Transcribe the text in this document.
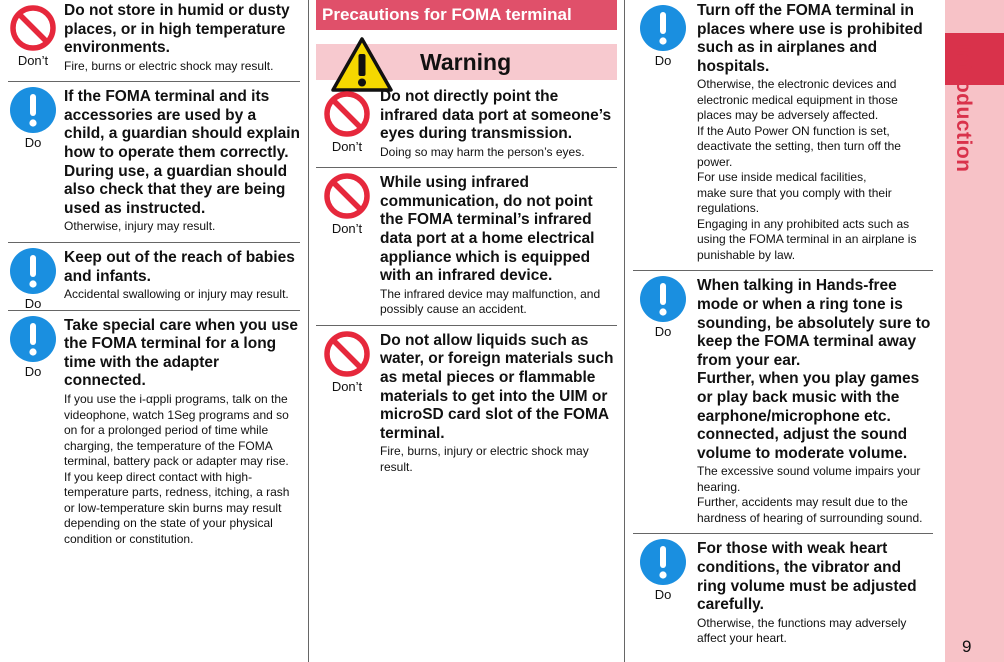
Introduction
9
Don’t
Do not store in humid or dusty places, or in high temperature environments.
Fire, burns or electric shock may result.
Do
If the FOMA terminal and its accessories are used by a child, a guardian should explain how to operate them correctly. During use, a guardian should also check that they are being used as instructed.
Otherwise, injury may result.
Do
Keep out of the reach of babies and infants.
Accidental swallowing or injury may result.
Do
Take special care when you use the FOMA terminal for a long time with the adapter connected.
If you use the i-αppli programs, talk on the videophone, watch 1Seg programs and so on for a prolonged period of time while charging, the temperature of the FOMA terminal, battery pack or adapter may rise.
If you keep direct contact with high-temperature parts, redness, itching, a rash or low-temperature skin burns may result depending on the state of your physical condition or constitution.
Precautions for FOMA terminal
Warning
Don’t
Do not directly point the infrared data port at someone’s eyes during transmission.
Doing so may harm the person’s eyes.
Don’t
While using infrared communication, do not point the FOMA terminal’s infrared data port at a home electrical appliance which is equipped with an infrared device.
The infrared device may malfunction, and possibly cause an accident.
Don’t
Do not allow liquids such as water, or foreign materials such as metal pieces or flammable materials to get into the UIM or microSD card slot of the FOMA terminal.
Fire, burns, injury or electric shock may result.
Do
Turn off the FOMA terminal in places where use is prohibited such as in airplanes and hospitals.
Otherwise, the electronic devices and electronic medical equipment in those places may be adversely affected.
If the Auto Power ON function is set, deactivate the setting, then turn off the power.
For use inside medical facilities,
make sure that you comply with their regulations.
Engaging in any prohibited acts such as using the FOMA terminal in an airplane is punishable by law.
Do
When talking in Hands-free mode or when a ring tone is sounding, be absolutely sure to keep the FOMA terminal away from your ear.
Further, when you play games or play back music with the earphone/microphone etc. connected, adjust the sound volume to moderate volume.
The excessive sound volume impairs your hearing.
Further, accidents may result due to the hardness of hearing of surrounding sound.
Do
For those with weak heart conditions, the vibrator and ring volume must be adjusted carefully.
Otherwise, the functions may adversely affect your heart.
